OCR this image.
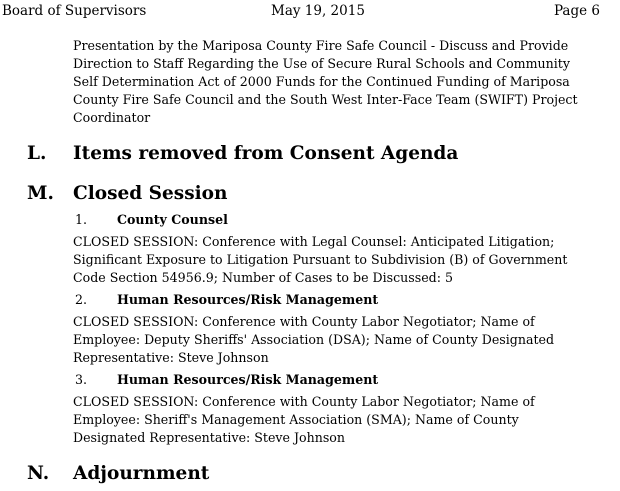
Board of Supervisors	May 19, 2015	Page 6
Presentation by the Mariposa County Fire Safe Council - Discuss and Provide
Direction to Staff Regarding the Use of Secure Rural Schools and Community
Self Determination Act of 2000 Funds for the Continued Funding of Mariposa
County Fire Safe Council and the South West Inter-Face Team (SWIFT) Project
Coordinator
L. Items removed from Consent Agenda
M. Closed Session
1. County Counsel
CLOSED SESSION: Conference with Legal Counsel: Anticipated Litigation;
Significant Exposure to Litigation Pursuant to Subdivision (B) of Government
Code Section 54956.9; Number of Cases to be Discussed: 5
2. Human Resources/Risk Management
CLOSED SESSION: Conference with County Labor Negotiator; Name of
Employee: Deputy Sheriffs' Association (DSA); Name of County Designated
Representative: Steve Johnson
3. Human Resources/Risk Management
CLOSED SESSION: Conference with County Labor Negotiator; Name of
Employee: Sheriff's Management Association (SMA); Name of County
Designated Representative: Steve Johnson
N. Adjournment
